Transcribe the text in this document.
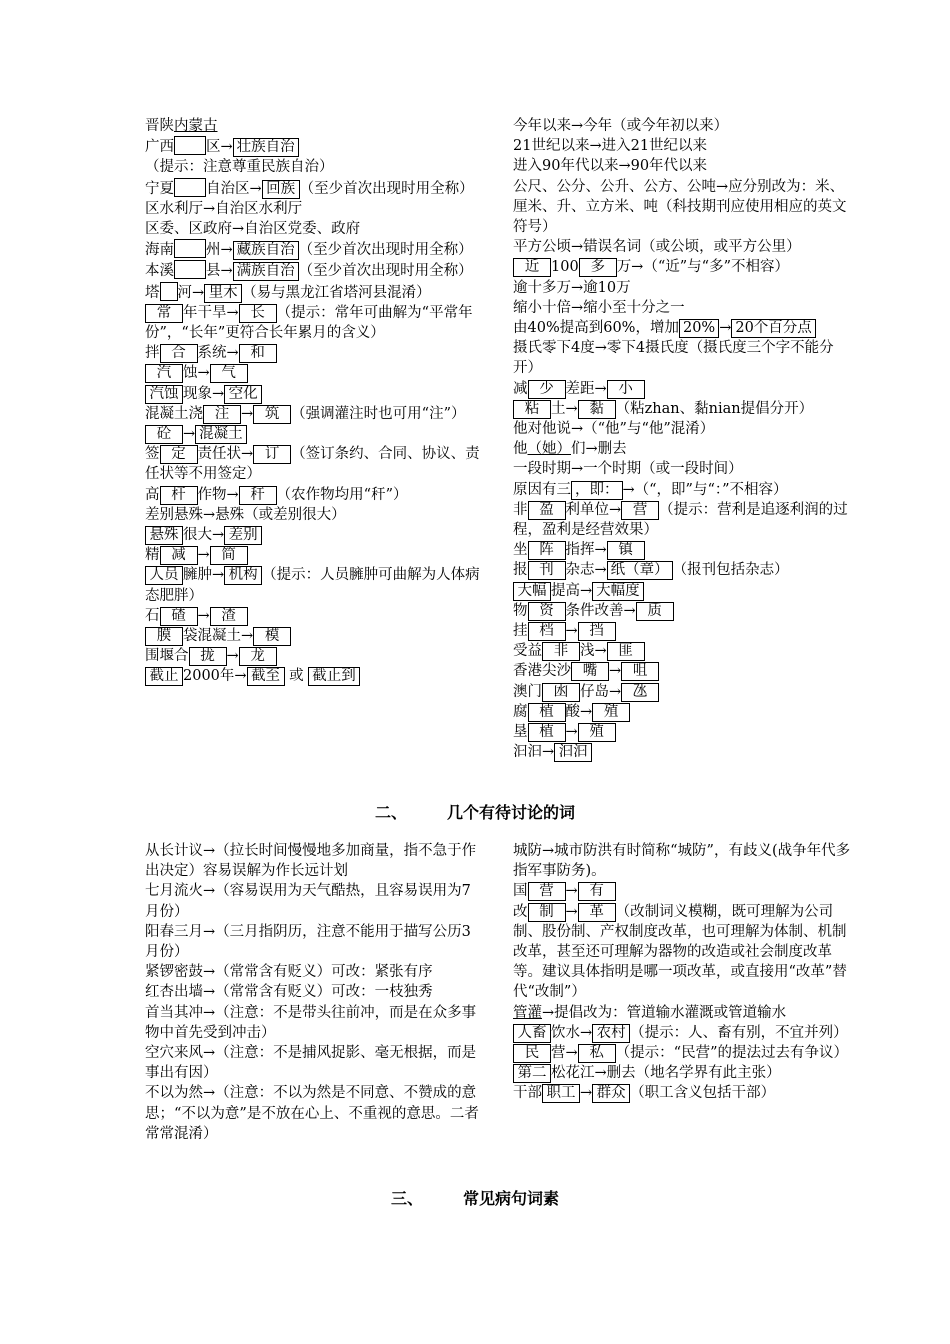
晋陕内蒙古

广西 区→ 壮族自治（提示：注意尊重民族自治）

宁夏 自治区→ 回族 （至少首次出现时用全称）

区水利厅→自治区水利厅

区委、区政府→自治区党委、政府

海南 州→ 藏族自治 （至少首次出现时用全称）

本溪 县→ 满族自治 （至少首次出现时用全称）

塔 河→ 里木 （易与黑龙江省塔河县混淆）

常 年干旱→ 长 （提示：常年可曲解为“平常年份”，“长年”更符合长年累月的含义）

拌 合 系统→ 和

汽 蚀→ 气

汽蚀 现象→ 空化

混凝土浇 注 → 筑 （强调灌注时也可用“注”）

砼 → 混凝土

签 定 责任状→ 订 （签订条约、合同、协议、责任状等不用签定）

高 杆 作物→ 秆 （农作物均用“秆”）

差别悬殊→悬殊（或差别很大）

悬殊 很大→ 差别

精 减 → 简

人员 臃肿→ 机构 （提示：人员臃肿可曲解为人体病态肥胖）

石 碴 → 渣

膜 袋混凝土→ 模

围堰合 拢 → 龙

截止 2000年→ 截至 或 截止到

今年以来→今年（或今年初以来）

21世纪以来→进入21世纪以来

进入90年代以来→90年代以来

公尺、公分、公升、公方、公吨→应分别改为：米、厘米、升、立方米、吨（科技期刊应使用相应的英文符号）

平方公顷→错误名词（或公顷，或平方公里）

近 100 多 万→（“近”与“多”不相容）

逾十多万→逾10万

缩小十倍→缩小至十分之一

由40%提高到60%，增加 20% → 20个百分点

摄氏零下4度→零下4摄氏度（摄氏度三个字不能分开）

减 少 差距→ 小

粘 土→ 黏 （粘zhan、黏nian提倡分开）

他对他说→（“他”与“他”混淆）

他（她）们→删去

一段时期→一个时期（或一段时间）

原因有三 ，即： →（“，即”与“：”不相容）

非 盈 利单位→ 营 （提示：营利是追逐利润的过程，盈利是经营效果）

坐 阵 指挥→ 镇

报 刊 杂志→ 纸（章） （报刊包括杂志）

大幅 提高→ 大幅度

物 资 条件改善→ 质

挂 档 → 挡

受益 非 浅→ 匪

香港尖沙 嘴 → 咀

澳门 凼 仔岛→ 氹

腐 植 酸→ 殖

垦 植 → 殖

汩汩→ 汩汩

二、	几个有待讨论的词

从长计议→（拉长时间慢慢地多加商量，指不急于作出决定）容易误解为作长远计划

七月流火→（容易误用为天气酷热，且容易误用为7月份）

阳春三月→（三月指阴历，注意不能用于描写公历3月份）

紧锣密鼓→（常常含有贬义）可改：紧张有序

红杏出墙→（常常含有贬义）可改：一枝独秀

首当其冲→（注意：不是带头往前冲，而是在众多事物中首先受到冲击）

空穴来风→（注意：不是捕风捉影、毫无根据，而是事出有因）

不以为然→（注意：不以为然是不同意、不赞成的意思；“不以为意”是不放在心上、不重视的意思。二者常常混淆）

城防→城市防洪有时简称“城防”，有歧义(战争年代多指军事防务)。

国 营 → 有

改 制 → 革 （改制词义模糊，既可理解为公司制、股份制、产权制度改革，也可理解为体制、机制改革，甚至还可理解为器物的改造或社会制度改革等。建议具体指明是哪一项改革，或直接用“改革”替代“改制”）

管灌→提倡改为：管道输水灌溉或管道输水

人畜 饮水→ 农村 （提示：人、畜有别，不宜并列）

民 营→ 私 （提示：“民营”的提法过去有争议）

第二 松花江→删去（地名学界有此主张）

干部 职工 → 群众 （职工含义包括干部）

三、	常见病句词素
